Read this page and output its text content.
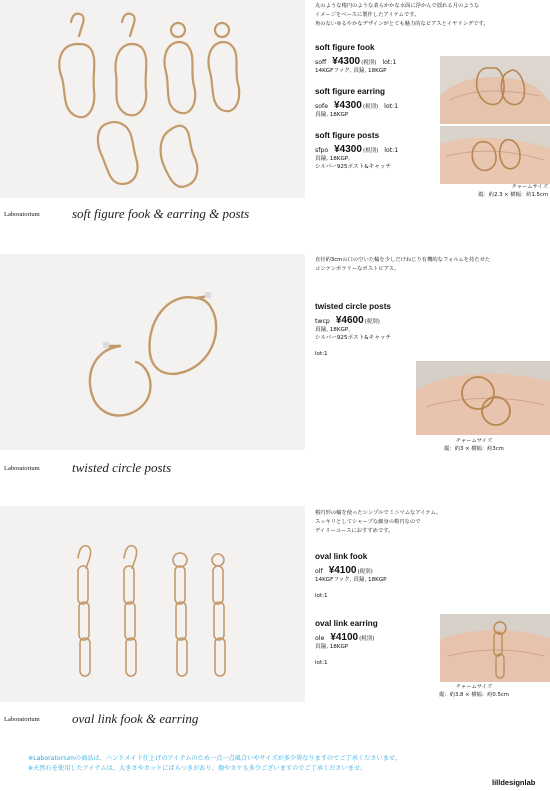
丸のような楕円のような柔らかかな水面に浮かんで揺れる月のような
イメージをベースに製作したアイテムです。
角のないゆるやかなデザインがとても魅力的なピアスとイヤリングです。
soft figure fook
soff ¥4300 (税別) lot:1
14KGFフック, 真鍮, 18KGP
soft figure earring
sofe ¥4300 (税別) lot:1
真鍮, 18KGP
soft figure posts
sfpo ¥4300 (税別) lot:1
真鍮, 18KGP,
シルバー925ポスト&キャッチ
チャームサイズ
縦：約2.3 × 横幅：約1.5cm
Laboratorium soft figure fook & earring & posts
直径約3cmの口の空いた輪を少しだけねじり有機的なフォルムを持たせた
コンテンポラリーなポストピアス。
twisted circle posts
twcp ¥4600 (税別)
真鍮, 18KGP,
シルバー925ポスト&キャッチ
lot:1
チャームサイズ
縦：約3 × 横幅：約3cm
Laboratorium twisted circle posts
楕円形の輪を使ったシンプルでミニマムなアイテム。
スッキリとしてシャープな細身の楕円なので
デイリーユースにおすすめです。
oval link fook
olf ¥4100 (税別)
14KGFフック, 真鍮, 18KGP
lot:1
oval link earring
ole ¥4100 (税別)
真鍮, 18KGP
lot:1
チャームサイズ
縦：約3.8 × 横幅：約0.5cm
Laboratorium oval link fook & earring
※Laboratoriumの商品は、ハンドメイド仕上げのアイテムのため一点一点風合いやサイズが多少異なりますのでご了承くださいませ。
※天然石を使用したアイテムは、大きさやカットにばらつきがあり、傷やカケも多少ございますのでご了承くださいませ。
lilldesignlab
